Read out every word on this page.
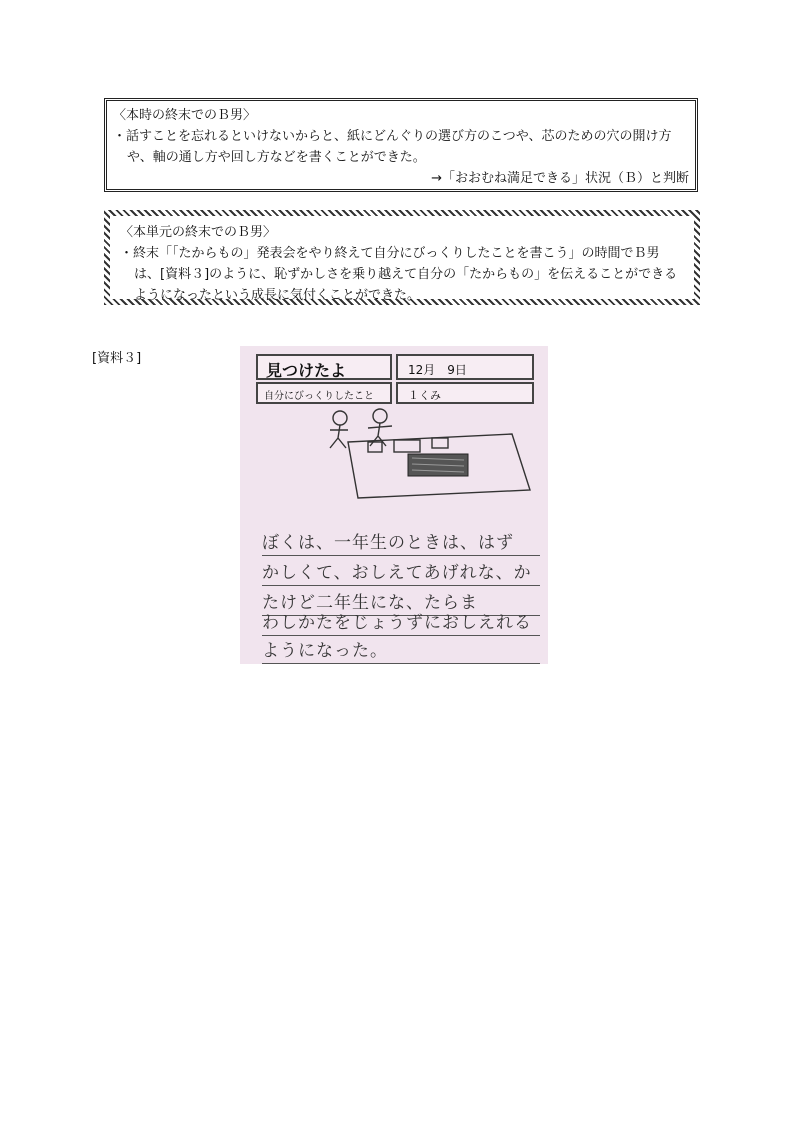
〈本時の終末でのＢ男〉
・話すことを忘れるといけないからと、紙にどんぐりの選び方のこつや、芯のための穴の開け方や、軸の通し方や回し方などを書くことができた。
→「おおむね満足できる」状況（Ｂ）と判断
〈本単元の終末でのＢ男〉
・終末「「たからもの」発表会をやり終えて自分にびっくりしたことを書こう」の時間でＢ男は、[資料３]のように、恥ずかしさを乗り越えて自分の「たからもの」を伝えることができるようになったという成長に気付くことができた。
[資料３]
見つけたよ	12月　9日
自分にびっくりしたこと	１くみ
ぼくは、一年生のときは、はず
かしくて、おしえてあげれな、か
たけど二年生にな、たらま
わしかたをじょうずにおしえれる
ようになった。
